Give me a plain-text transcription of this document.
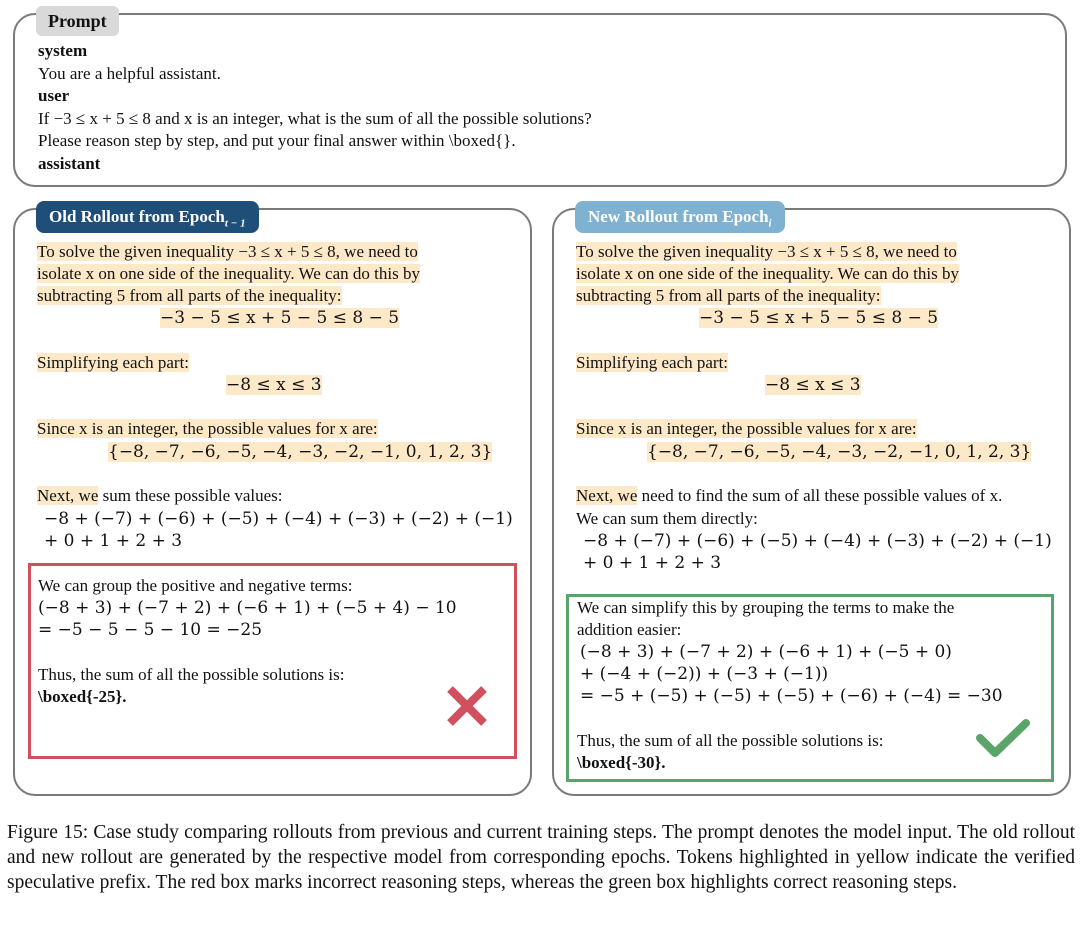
Prompt
system
You are a helpful assistant.
user
If −3 ≤ x + 5 ≤ 8 and x is an integer, what is the sum of all the possible solutions?
Please reason step by step, and put your final answer within \boxed{}.
assistant
Old Rollout from Epoch$_{t - 1}$
To solve the given inequality −3 ≤ x + 5 ≤ 8, we need to
isolate x on one side of the inequality. We can do this by
subtracting 5 from all parts of the inequality:
−3 − 5 ≤ x + 5 − 5 ≤ 8 − 5
Simplifying each part:
−8 ≤ x ≤ 3
Since x is an integer, the possible values for x are:
{−8, −7, −6, −5, −4, −3, −2, −1, 0, 1, 2, 3}
Next, we sum these possible values:
−8 + (−7) + (−6) + (−5) + (−4) + (−3) + (−2) + (−1)
+ 0 + 1 + 2 + 3
We can group the positive and negative terms:
(−8 + 3) + (−7 + 2) + (−6 + 1) + (−5 + 4) − 10
= −5 − 5 − 5 − 10 = −25
Thus, the sum of all the possible solutions is:
\boxed{-25}.
New Rollout from Epoch$_i$
To solve the given inequality −3 ≤ x + 5 ≤ 8, we need to
isolate x on one side of the inequality. We can do this by
subtracting 5 from all parts of the inequality:
−3 − 5 ≤ x + 5 − 5 ≤ 8 − 5
Simplifying each part:
−8 ≤ x ≤ 3
Since x is an integer, the possible values for x are:
{−8, −7, −6, −5, −4, −3, −2, −1, 0, 1, 2, 3}
Next, we need to find the sum of all these possible values of x.
We can sum them directly:
−8 + (−7) + (−6) + (−5) + (−4) + (−3) + (−2) + (−1)
+ 0 + 1 + 2 + 3
We can simplify this by grouping the terms to make the
addition easier:
(−8 + 3) + (−7 + 2) + (−6 + 1) + (−5 + 0)
+ (−4 + (−2)) + (−3 + (−1))
= −5 + (−5) + (−5) + (−5) + (−6) + (−4) = −30
Thus, the sum of all the possible solutions is:
\boxed{-30}.
Figure 15: Case study comparing rollouts from previous and current training steps. The prompt denotes the model input. The old rollout and new rollout are generated by the respective model from corresponding epochs. Tokens highlighted in yellow indicate the verified speculative prefix. The red box marks incorrect reasoning steps, whereas the green box highlights correct reasoning steps.
